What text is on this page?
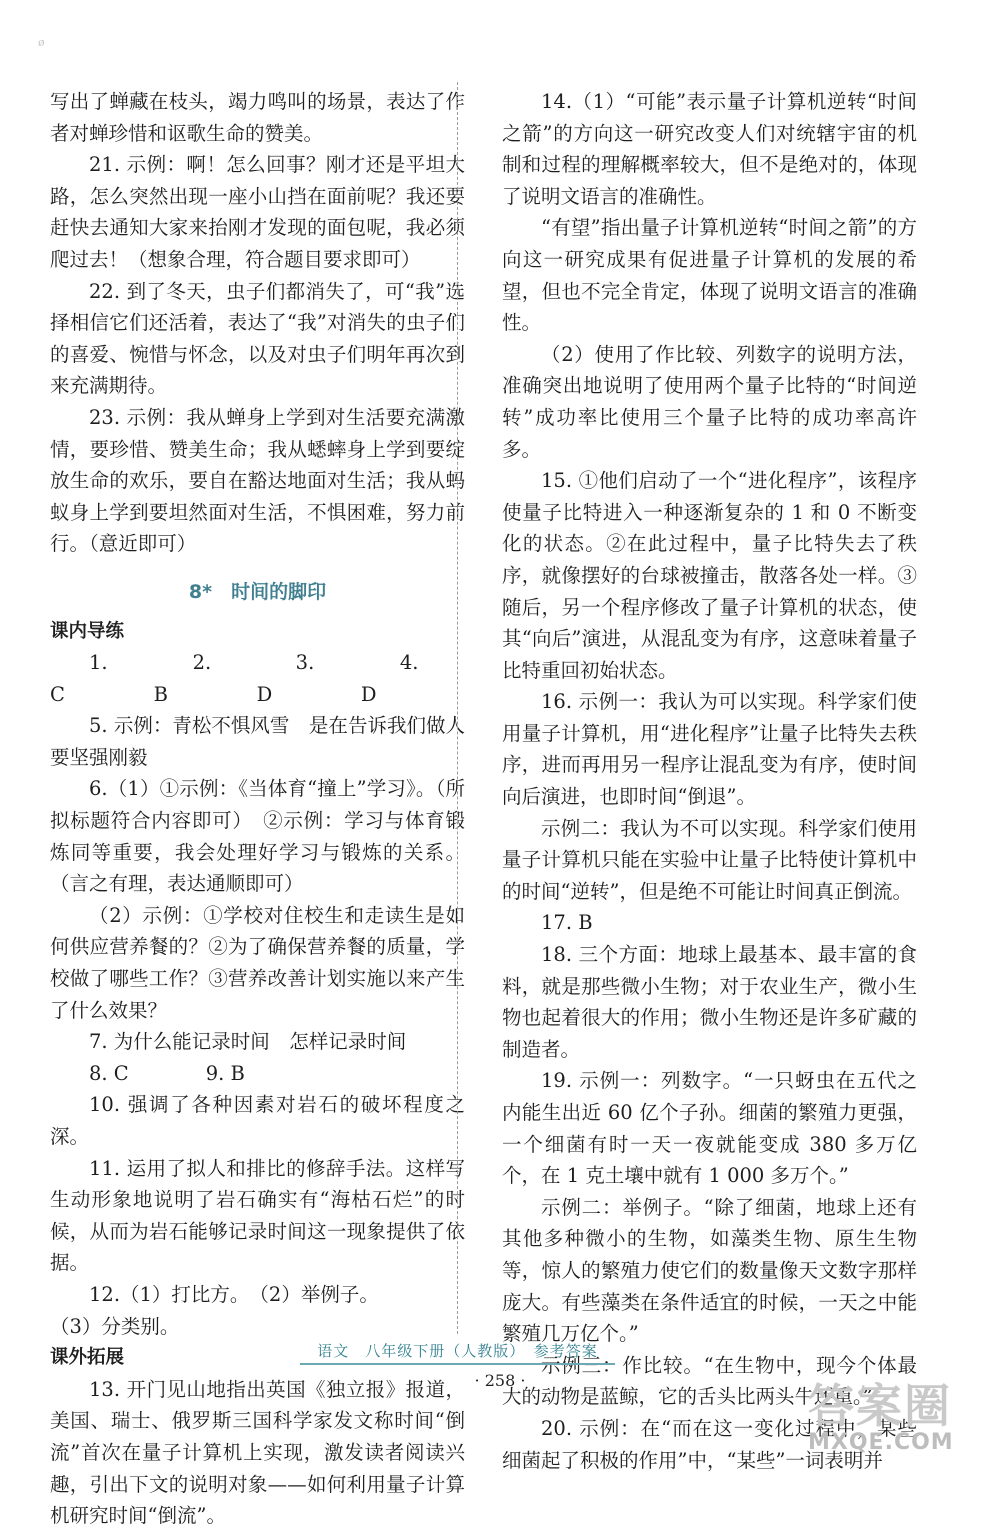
ø

写出了蝉藏在枝头，竭力鸣叫的场景，表达了作者对蝉珍惜和讴歌生命的赞美。

21. 示例：啊！怎么回事？刚才还是平坦大路，怎么突然出现一座小山挡在面前呢？我还要赶快去通知大家来抬刚才发现的面包呢，我必须爬过去！（想象合理，符合题目要求即可）

22. 到了冬天，虫子们都消失了，可“我”选择相信它们还活着，表达了“我”对消失的虫子们的喜爱、惋惜与怀念，以及对虫子们明年再次到来充满期待。

23. 示例：我从蝉身上学到对生活要充满激情，要珍惜、赞美生命；我从蟋蟀身上学到要绽放生命的欢乐，要自在豁达地面对生活；我从蚂蚁身上学到要坦然面对生活，不惧困难，努力前行。（意近即可）

8*　时间的脚印
课内导练
1. C
2. B
3. D
4. D

5. 示例：青松不惧风雪　是在告诉我们做人要坚强刚毅

6.（1）①示例：《当体育“撞上”学习》。（所拟标题符合内容即可）　②示例：学习与体育锻炼同等重要，我会处理好学习与锻炼的关系。（言之有理，表达通顺即可）

（2）示例：①学校对住校生和走读生是如何供应营养餐的？②为了确保营养餐的质量，学校做了哪些工作？③营养改善计划实施以来产生了什么效果？

7. 为什么能记录时间　怎样记录时间

8. C	9. B

10. 强调了各种因素对岩石的破坏程度之深。

11. 运用了拟人和排比的修辞手法。这样写生动形象地说明了岩石确实有“海枯石烂”的时候，从而为岩石能够记录时间这一现象提供了依据。

12.（1）打比方。　（2）举例子。

（3）分类别。

课外拓展

13. 开门见山地指出英国《独立报》报道，美国、瑞士、俄罗斯三国科学家发文称时间“倒流”首次在量子计算机上实现，激发读者阅读兴趣，引出下文的说明对象——如何利用量子计算机研究时间“倒流”。

14.（1）“可能”表示量子计算机逆转“时间之箭”的方向这一研究改变人们对统辖宇宙的机制和过程的理解概率较大，但不是绝对的，体现了说明文语言的准确性。

“有望”指出量子计算机逆转“时间之箭”的方向这一研究成果有促进量子计算机的发展的希望，但也不完全肯定，体现了说明文语言的准确性。

（2）使用了作比较、列数字的说明方法，准确突出地说明了使用两个量子比特的“时间逆转”成功率比使用三个量子比特的成功率高许多。

15. ①他们启动了一个“进化程序”，该程序使量子比特进入一种逐渐复杂的 1 和 0 不断变化的状态。②在此过程中，量子比特失去了秩序，就像摆好的台球被撞击，散落各处一样。③随后，另一个程序修改了量子计算机的状态，使其“向后”演进，从混乱变为有序，这意味着量子比特重回初始状态。

16. 示例一：我认为可以实现。科学家们使用量子计算机，用“进化程序”让量子比特失去秩序，进而再用另一程序让混乱变为有序，使时间向后演进，也即时间“倒退”。

示例二：我认为不可以实现。科学家们使用量子计算机只能在实验中让量子比特使计算机中的时间“逆转”，但是绝不可能让时间真正倒流。

17. B

18. 三个方面：地球上最基本、最丰富的食料，就是那些微小生物；对于农业生产，微小生物也起着很大的作用；微小生物还是许多矿藏的制造者。

19. 示例一：列数字。“一只蚜虫在五代之内能生出近 60 亿个子孙。细菌的繁殖力更强，一个细菌有时一天一夜就能变成 380 多万亿个，在 1 克土壤中就有 1 000 多万个。”

示例二：举例子。“除了细菌，地球上还有其他多种微小的生物，如藻类生物、原生生物等，惊人的繁殖力使它们的数量像天文数字那样庞大。有些藻类在条件适宜的时候，一天之中能繁殖几万亿个。”

示例三：作比较。“在生物中，现今个体最大的动物是蓝鲸，它的舌头比两头牛还重。”

20. 示例：在“而在这一变化过程中，某些细菌起了积极的作用”中，“某些”一词表明并

语文　八年级下册（人教版）　参考答案
· 258 ·	答案圈
MXQE.COM
